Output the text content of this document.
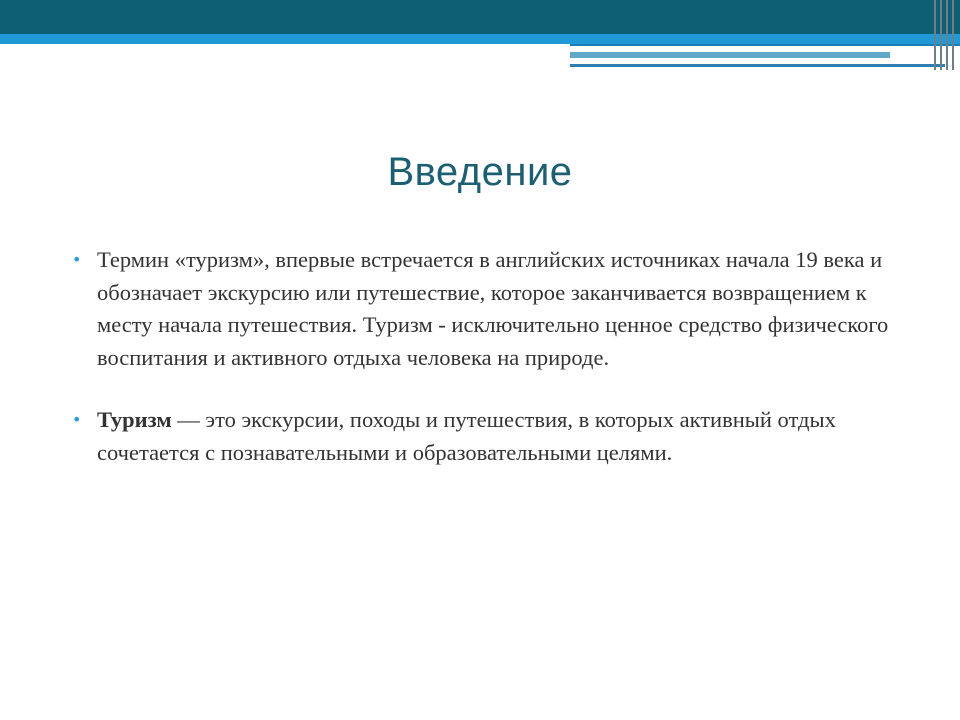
Введение
• Термин «туризм», впервые встречается в английских источниках начала 19 века и обозначает экскурсию или путешествие, которое заканчивается возвращением к месту начала путешествия. Туризм - исключительно ценное средство физического воспитания и активного отдыха человека на природе.
• Туризм — это экскурсии, походы и путешествия, в которых активный отдых сочетается с познавательными и образовательными целями.
